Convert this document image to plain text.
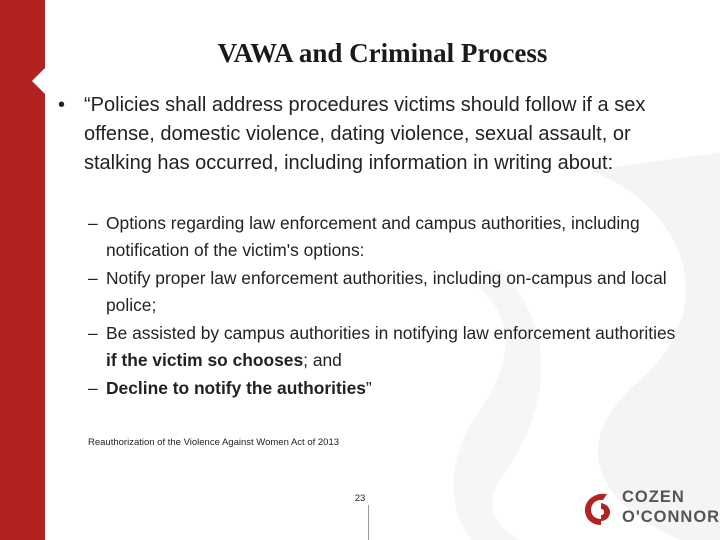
VAWA and Criminal Process
• “Policies shall address procedures victims should follow if a sex offense, domestic violence, dating violence, sexual assault, or stalking has occurred, including information in writing about:
– Options regarding law enforcement and campus authorities, including notification of the victim's options:
– Notify proper law enforcement authorities, including on-campus and local police;
– Be assisted by campus authorities in notifying law enforcement authorities if the victim so chooses; and
– Decline to notify the authorities”
Reauthorization of the Violence Against Women Act of 2013
23	COZEN
O'CONNOR
